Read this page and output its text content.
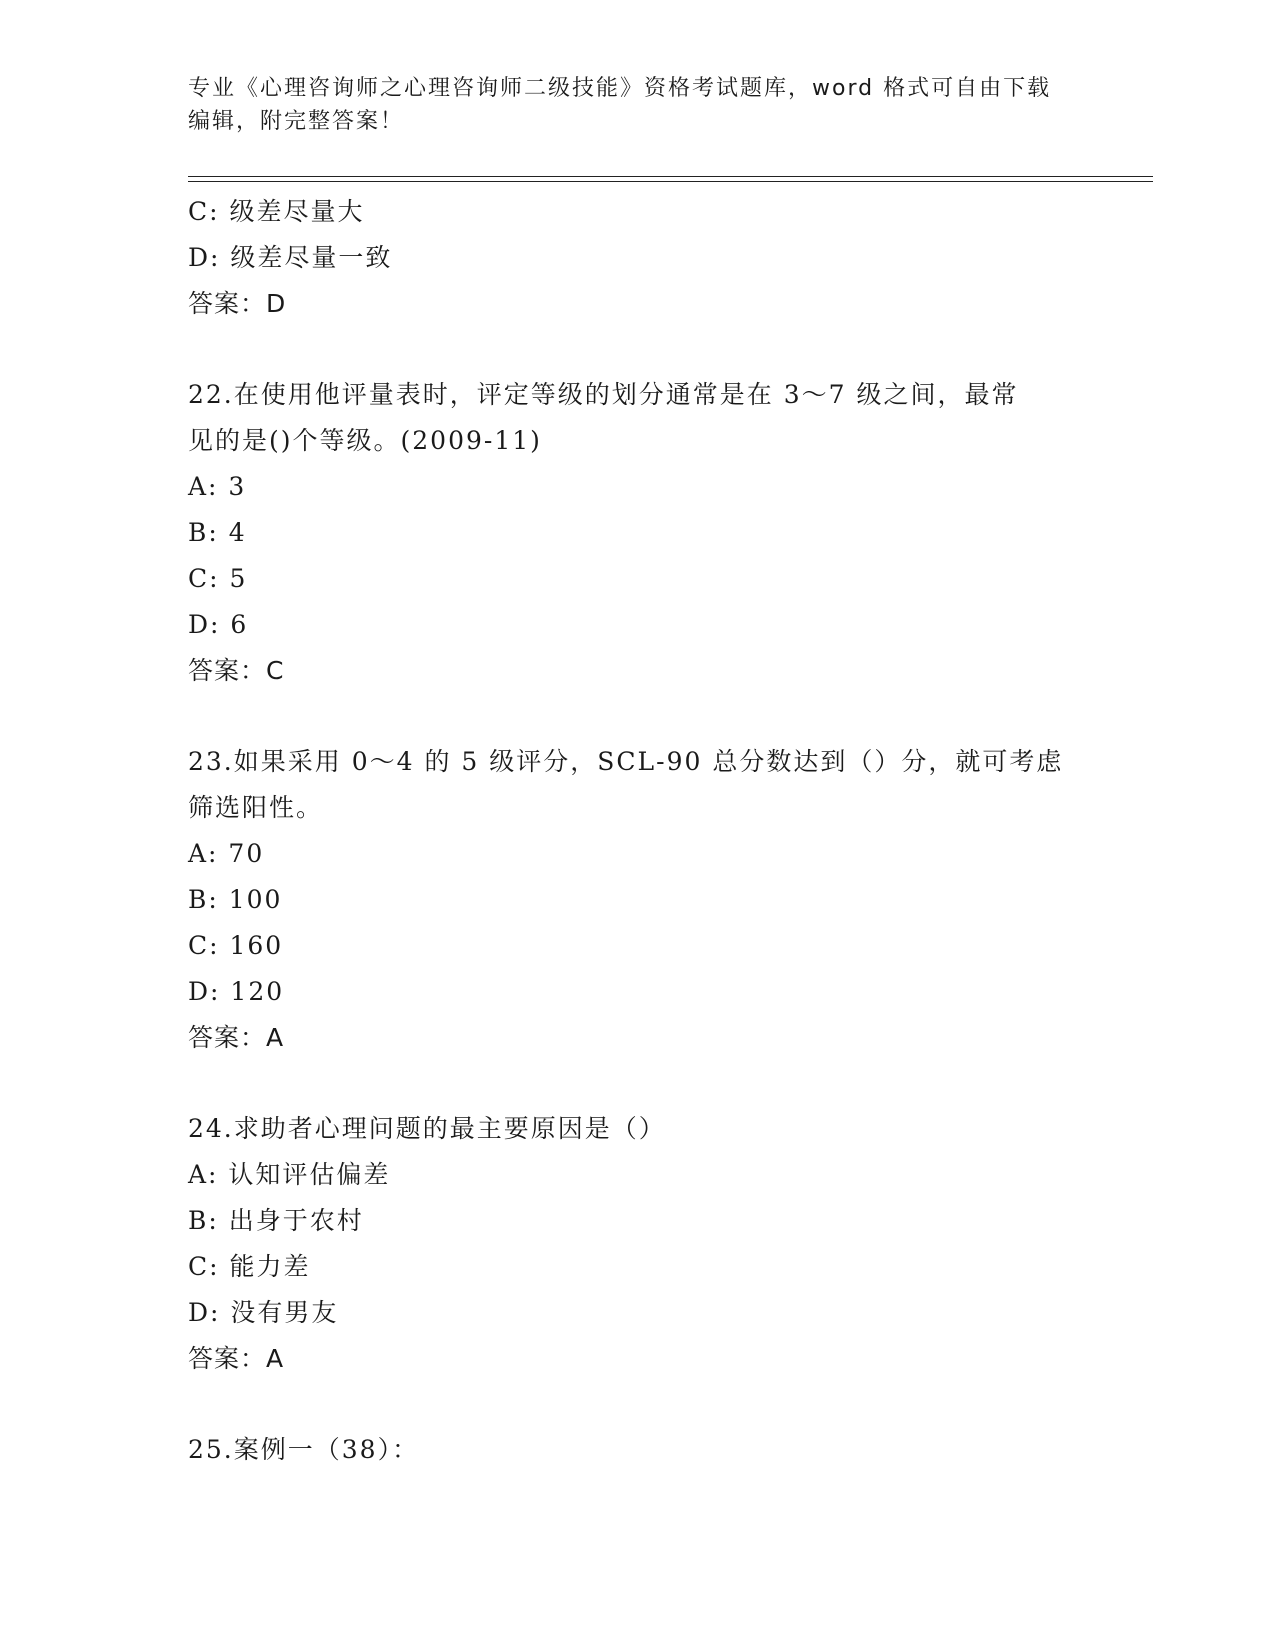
专业《心理咨询师之心理咨询师二级技能》资格考试题库，word 格式可自由下载
编辑，附完整答案！
C: 级差尽量大
D: 级差尽量一致
答案：D
22.在使用他评量表时，评定等级的划分通常是在 3～7 级之间，最常
见的是()个等级。(2009-11)
A: 3
B: 4
C: 5
D: 6
答案：C
23.如果采用 0～4 的 5 级评分，SCL-90 总分数达到（）分，就可考虑
筛选阳性。
A: 70
B: 100
C: 160
D: 120
答案：A
24.求助者心理问题的最主要原因是（）
A: 认知评估偏差
B: 出身于农村
C: 能力差
D: 没有男友
答案：A
25.案例一（38）：
